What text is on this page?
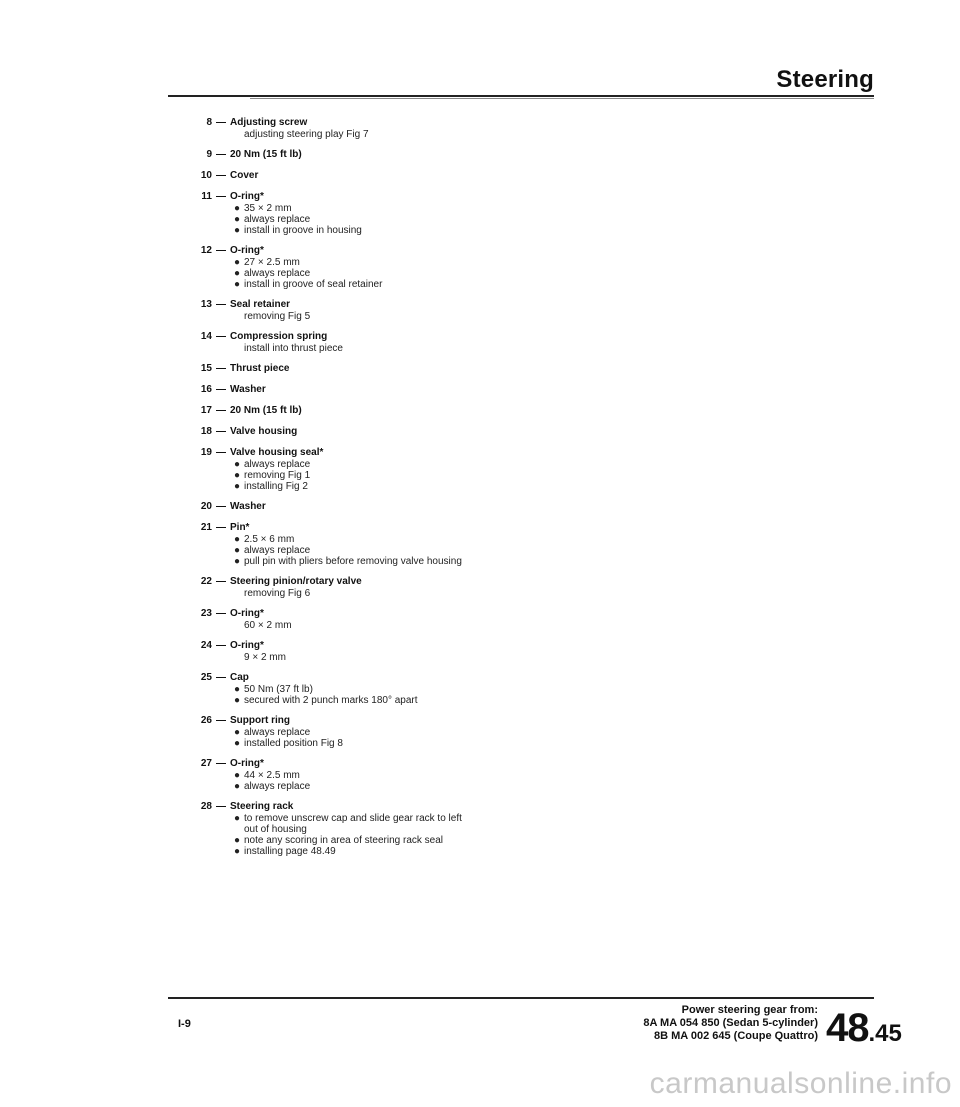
Steering
8 — Adjusting screw
adjusting steering play Fig 7
9 — 20 Nm (15 ft lb)
10 — Cover
11 — O-ring*
● 35 × 2 mm
● always replace
● install in groove in housing
12 — O-ring*
● 27 × 2.5 mm
● always replace
● install in groove of seal retainer
13 — Seal retainer
removing Fig 5
14 — Compression spring
install into thrust piece
15 — Thrust piece
16 — Washer
17 — 20 Nm (15 ft lb)
18 — Valve housing
19 — Valve housing seal*
● always replace
● removing Fig 1
● installing Fig 2
20 — Washer
21 — Pin*
● 2.5 × 6 mm
● always replace
● pull pin with pliers before removing valve housing
22 — Steering pinion/rotary valve
removing Fig 6
23 — O-ring*
60 × 2 mm
24 — O-ring*
9 × 2 mm
25 — Cap
● 50 Nm (37 ft lb)
● secured with 2 punch marks 180° apart
26 — Support ring
● always replace
● installed position Fig 8
27 — O-ring*
● 44 × 2.5 mm
● always replace
28 — Steering rack
● to remove unscrew cap and slide gear rack to left
out of housing
● note any scoring in area of steering rack seal
● installing page 48.49
I-9
Power steering gear from:
8A MA 054 850 (Sedan 5-cylinder)
8B MA 002 645 (Coupe Quattro) 48.45
carmanualsonline.info
